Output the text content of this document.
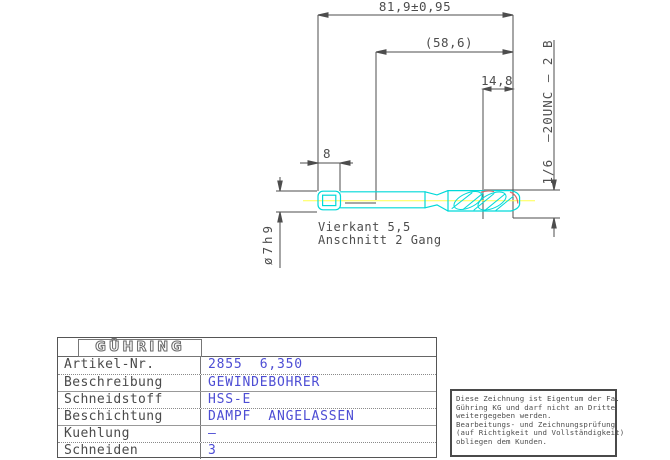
81,9±0,95
(58,6)
14,8
8
ø7h9
1/6  –20UNC – 2 B
Vierkant 5,5
Anschnitt 2 Gang
GÜHRING
Artikel-Nr.	2855  6,350
Beschreibung	GEWINDEBOHRER
Schneidstoff	HSS-E
Beschichtung	DAMPF  ANGELASSEN
Kuehlung	–
Schneiden	3
Diese Zeichnung ist Eigentum der Fa.
Gühring KG und darf nicht an Dritte
weitergegeben werden.
Bearbeitungs- und Zeichnungsprüfung
(auf Richtigkeit und Vollständigkeit)
obliegen dem Kunden.
